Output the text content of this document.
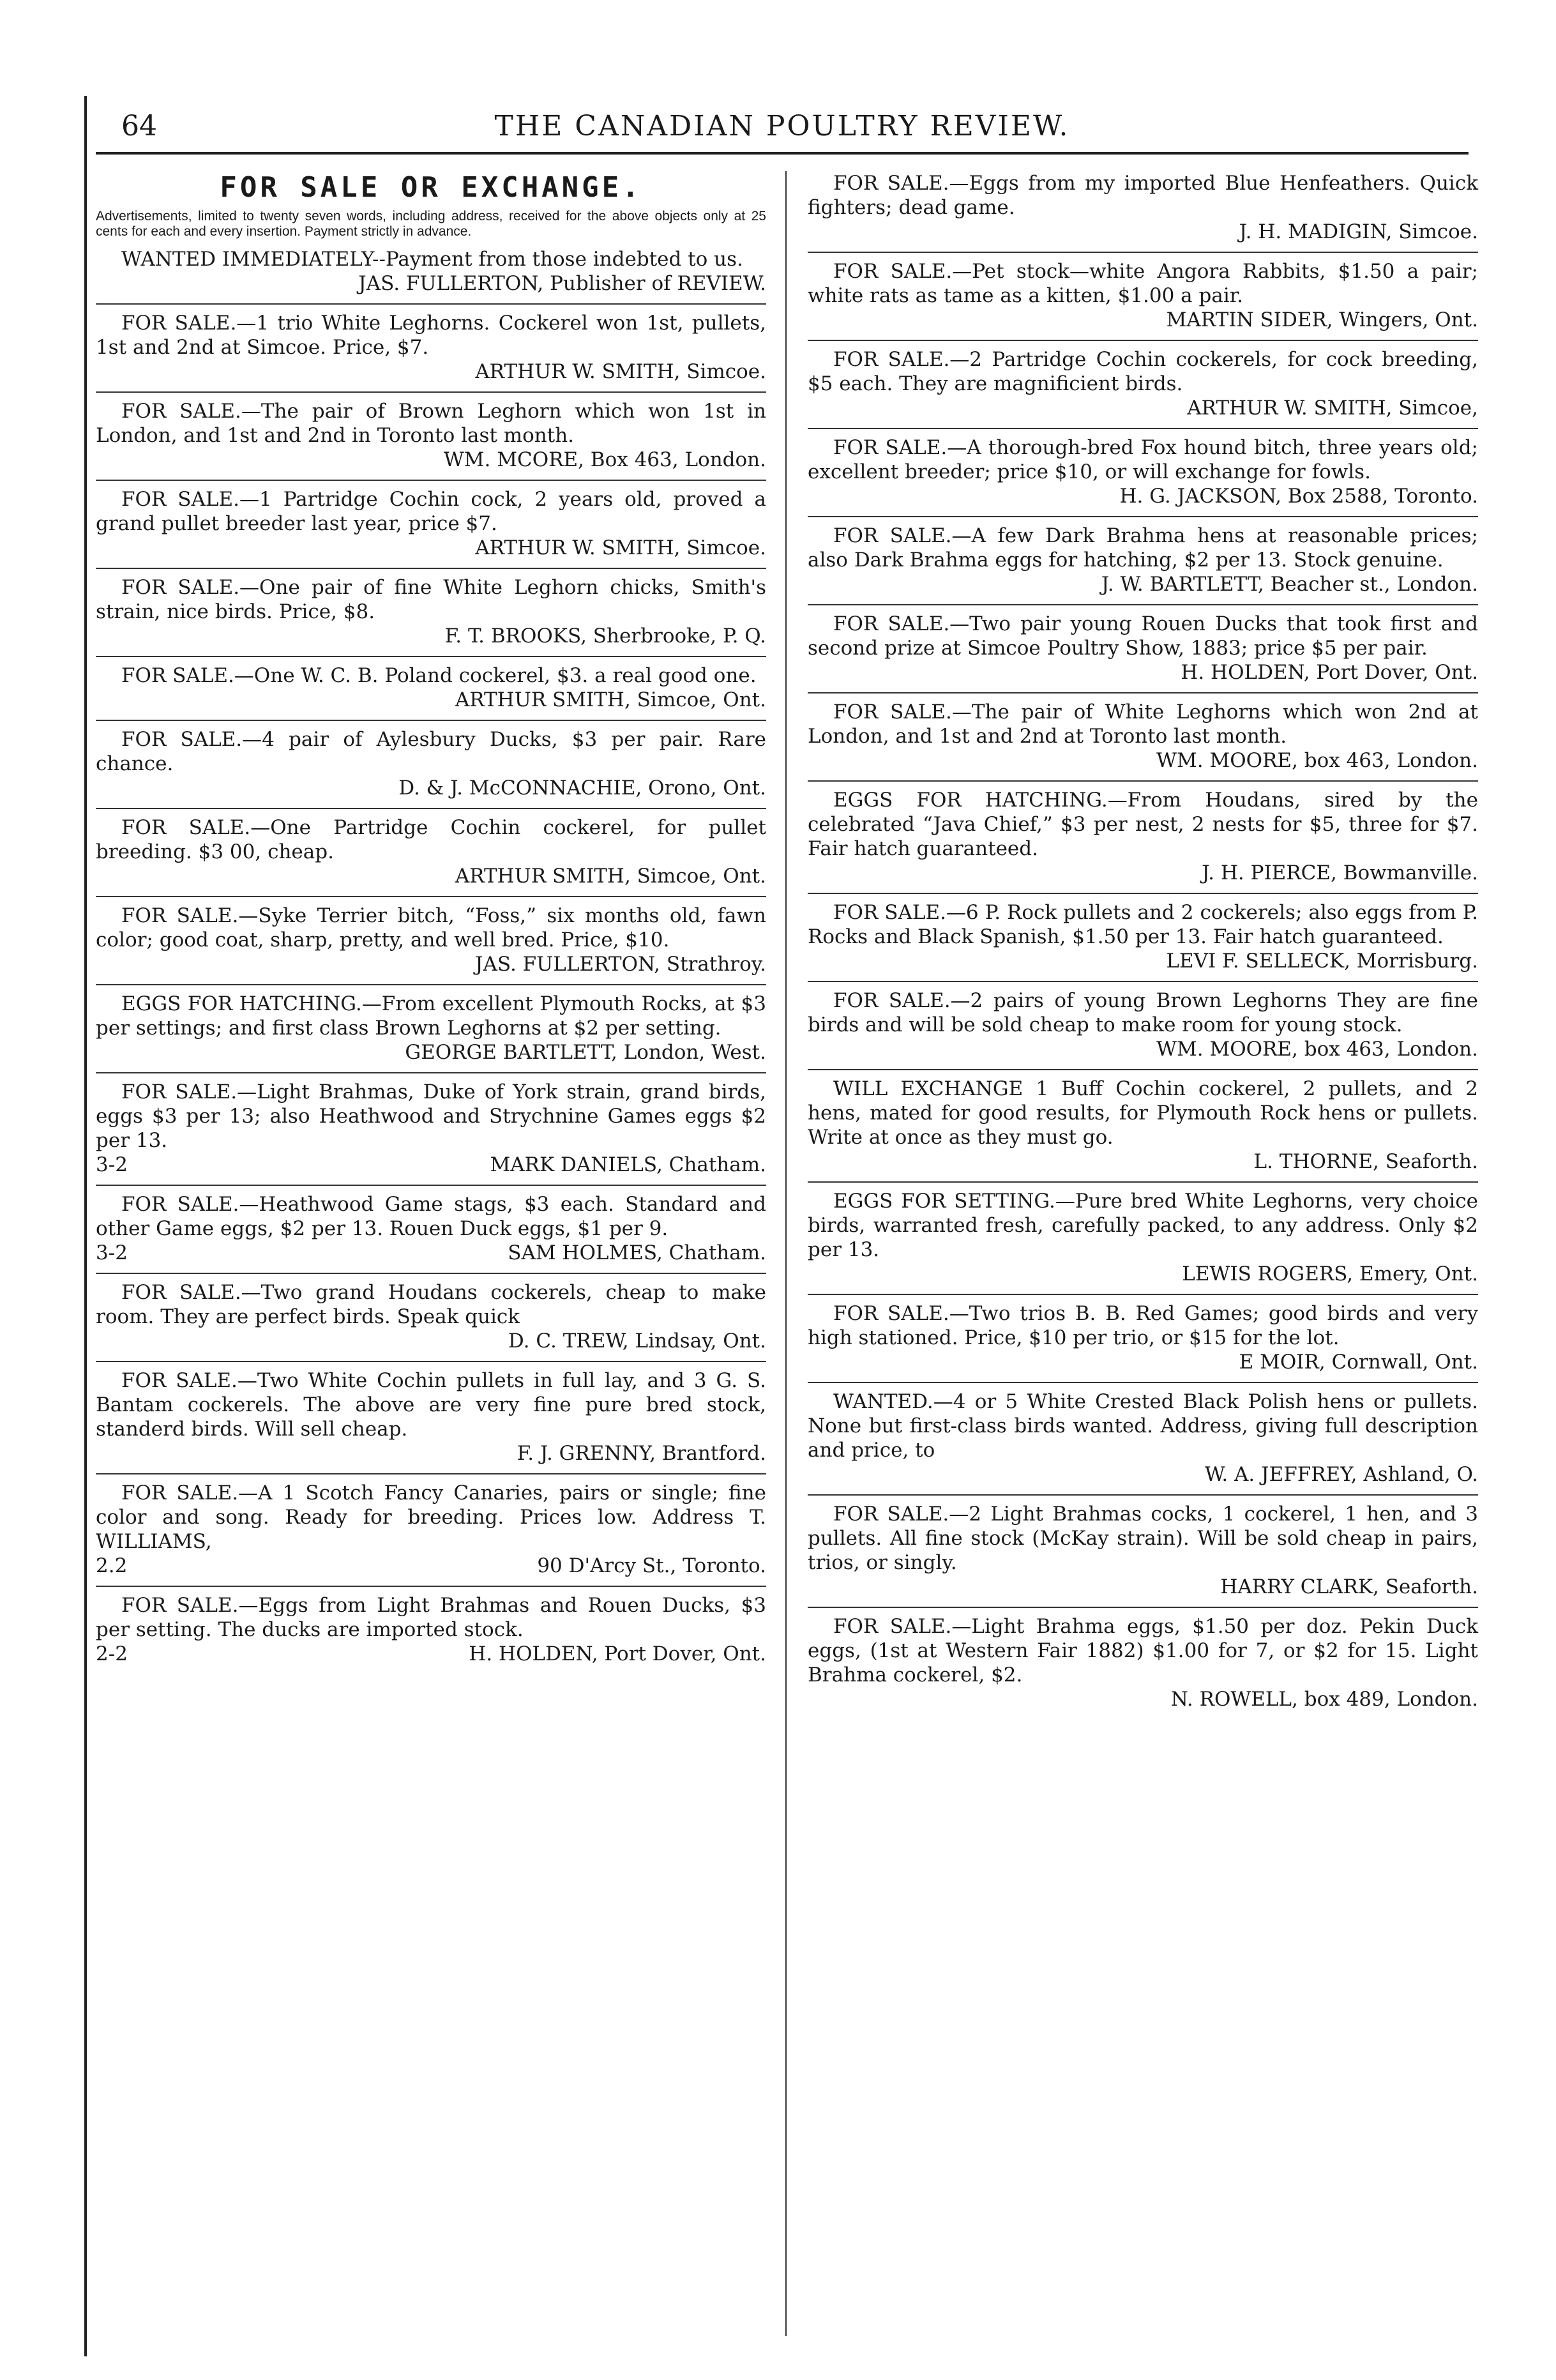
64	THE CANADIAN POULTRY REVIEW.
FOR SALE OR EXCHANGE.
Advertisements, limited to twenty seven words, including address, received for the above objects only at 25 cents for each and every insertion. Payment strictly in advance.
WANTED IMMEDIATELY--Payment from those indebted to us.
JAS. FULLERTON, Publisher of REVIEW.
FOR SALE.—1 trio White Leghorns. Cockerel won 1st, pullets, 1st and 2nd at Simcoe. Price, $7.
ARTHUR W. SMITH, Simcoe.
FOR SALE.—The pair of Brown Leghorn which won 1st in London, and 1st and 2nd in Toronto last month.
WM. MCORE, Box 463, London.
FOR SALE.—1 Partridge Cochin cock, 2 years old, proved a grand pullet breeder last year, price $7.
ARTHUR W. SMITH, Simcoe.
FOR SALE.—One pair of fine White Leghorn chicks, Smith's strain, nice birds. Price, $8.
F. T. BROOKS, Sherbrooke, P. Q.
FOR SALE.—One W. C. B. Poland cockerel, $3. a real good one.
ARTHUR SMITH, Simcoe, Ont.
FOR SALE.—4 pair of Aylesbury Ducks, $3 per pair. Rare chance.
D. & J. McCONNACHIE, Orono, Ont.
FOR SALE.—One Partridge Cochin cockerel, for pullet breeding. $3 00, cheap.
ARTHUR SMITH, Simcoe, Ont.
FOR SALE.—Syke Terrier bitch, “Foss,” six months old, fawn color; good coat, sharp, pretty, and well bred. Price, $10.
JAS. FULLERTON, Strathroy.
EGGS FOR HATCHING.—From excellent Plymouth Rocks, at $3 per settings; and first class Brown Leghorns at $2 per setting.
GEORGE BARTLETT, London, West.
FOR SALE.—Light Brahmas, Duke of York strain, grand birds, eggs $3 per 13; also Heathwood and Strychnine Games eggs $2 per 13.
3-2	MARK DANIELS, Chatham.
FOR SALE.—Heathwood Game stags, $3 each. Standard and other Game eggs, $2 per 13. Rouen Duck eggs, $1 per 9.
3-2	SAM HOLMES, Chatham.
FOR SALE.—Two grand Houdans cockerels, cheap to make room. They are perfect birds. Speak quick
D. C. TREW, Lindsay, Ont.
FOR SALE.—Two White Cochin pullets in full lay, and 3 G. S. Bantam cockerels. The above are very fine pure bred stock, standerd birds. Will sell cheap.
F. J. GRENNY, Brantford.
FOR SALE.—A 1 Scotch Fancy Canaries, pairs or single; fine color and song. Ready for breeding. Prices low. Address T. WILLIAMS,
2.2	90 D'Arcy St., Toronto.
FOR SALE.—Eggs from Light Brahmas and Rouen Ducks, $3 per setting. The ducks are imported stock.
2-2	H. HOLDEN, Port Dover, Ont.
FOR SALE.—Eggs from my imported Blue Henfeathers. Quick fighters; dead game.
J. H. MADIGIN, Simcoe.
FOR SALE.—Pet stock—white Angora Rabbits, $1.50 a pair; white rats as tame as a kitten, $1.00 a pair.
MARTIN SIDER, Wingers, Ont.
FOR SALE.—2 Partridge Cochin cockerels, for cock breeding, $5 each. They are magnificient birds.
ARTHUR W. SMITH, Simcoe,
FOR SALE.—A thorough-bred Fox hound bitch, three years old; excellent breeder; price $10, or will exchange for fowls.
H. G. JACKSON, Box 2588, Toronto.
FOR SALE.—A few Dark Brahma hens at reasonable prices; also Dark Brahma eggs for hatching, $2 per 13. Stock genuine.
J. W. BARTLETT, Beacher st., London.
FOR SALE.—Two pair young Rouen Ducks that took first and second prize at Simcoe Poultry Show, 1883; price $5 per pair.
H. HOLDEN, Port Dover, Ont.
FOR SALE.—The pair of White Leghorns which won 2nd at London, and 1st and 2nd at Toronto last month.
WM. MOORE, box 463, London.
EGGS FOR HATCHING.—From Houdans, sired by the celebrated “Java Chief,” $3 per nest, 2 nests for $5, three for $7. Fair hatch guaranteed.
J. H. PIERCE, Bowmanville.
FOR SALE.—6 P. Rock pullets and 2 cockerels; also eggs from P. Rocks and Black Spanish, $1.50 per 13. Fair hatch guaranteed.
LEVI F. SELLECK, Morrisburg.
FOR SALE.—2 pairs of young Brown Leghorns They are fine birds and will be sold cheap to make room for young stock.
WM. MOORE, box 463, London.
WILL EXCHANGE 1 Buff Cochin cockerel, 2 pullets, and 2 hens, mated for good results, for Plymouth Rock hens or pullets. Write at once as they must go.
L. THORNE, Seaforth.
EGGS FOR SETTING.—Pure bred White Leghorns, very choice birds, warranted fresh, carefully packed, to any address. Only $2 per 13.
LEWIS ROGERS, Emery, Ont.
FOR SALE.—Two trios B. B. Red Games; good birds and very high stationed. Price, $10 per trio, or $15 for the lot.
E MOIR, Cornwall, Ont.
WANTED.—4 or 5 White Crested Black Polish hens or pullets. None but first-class birds wanted. Address, giving full description and price, to
W. A. JEFFREY, Ashland, O.
FOR SALE.—2 Light Brahmas cocks, 1 cockerel, 1 hen, and 3 pullets. All fine stock (McKay strain). Will be sold cheap in pairs, trios, or singly.
HARRY CLARK, Seaforth.
FOR SALE.—Light Brahma eggs, $1.50 per doz. Pekin Duck eggs, (1st at Western Fair 1882) $1.00 for 7, or $2 for 15. Light Brahma cockerel, $2.
N. ROWELL, box 489, London.
